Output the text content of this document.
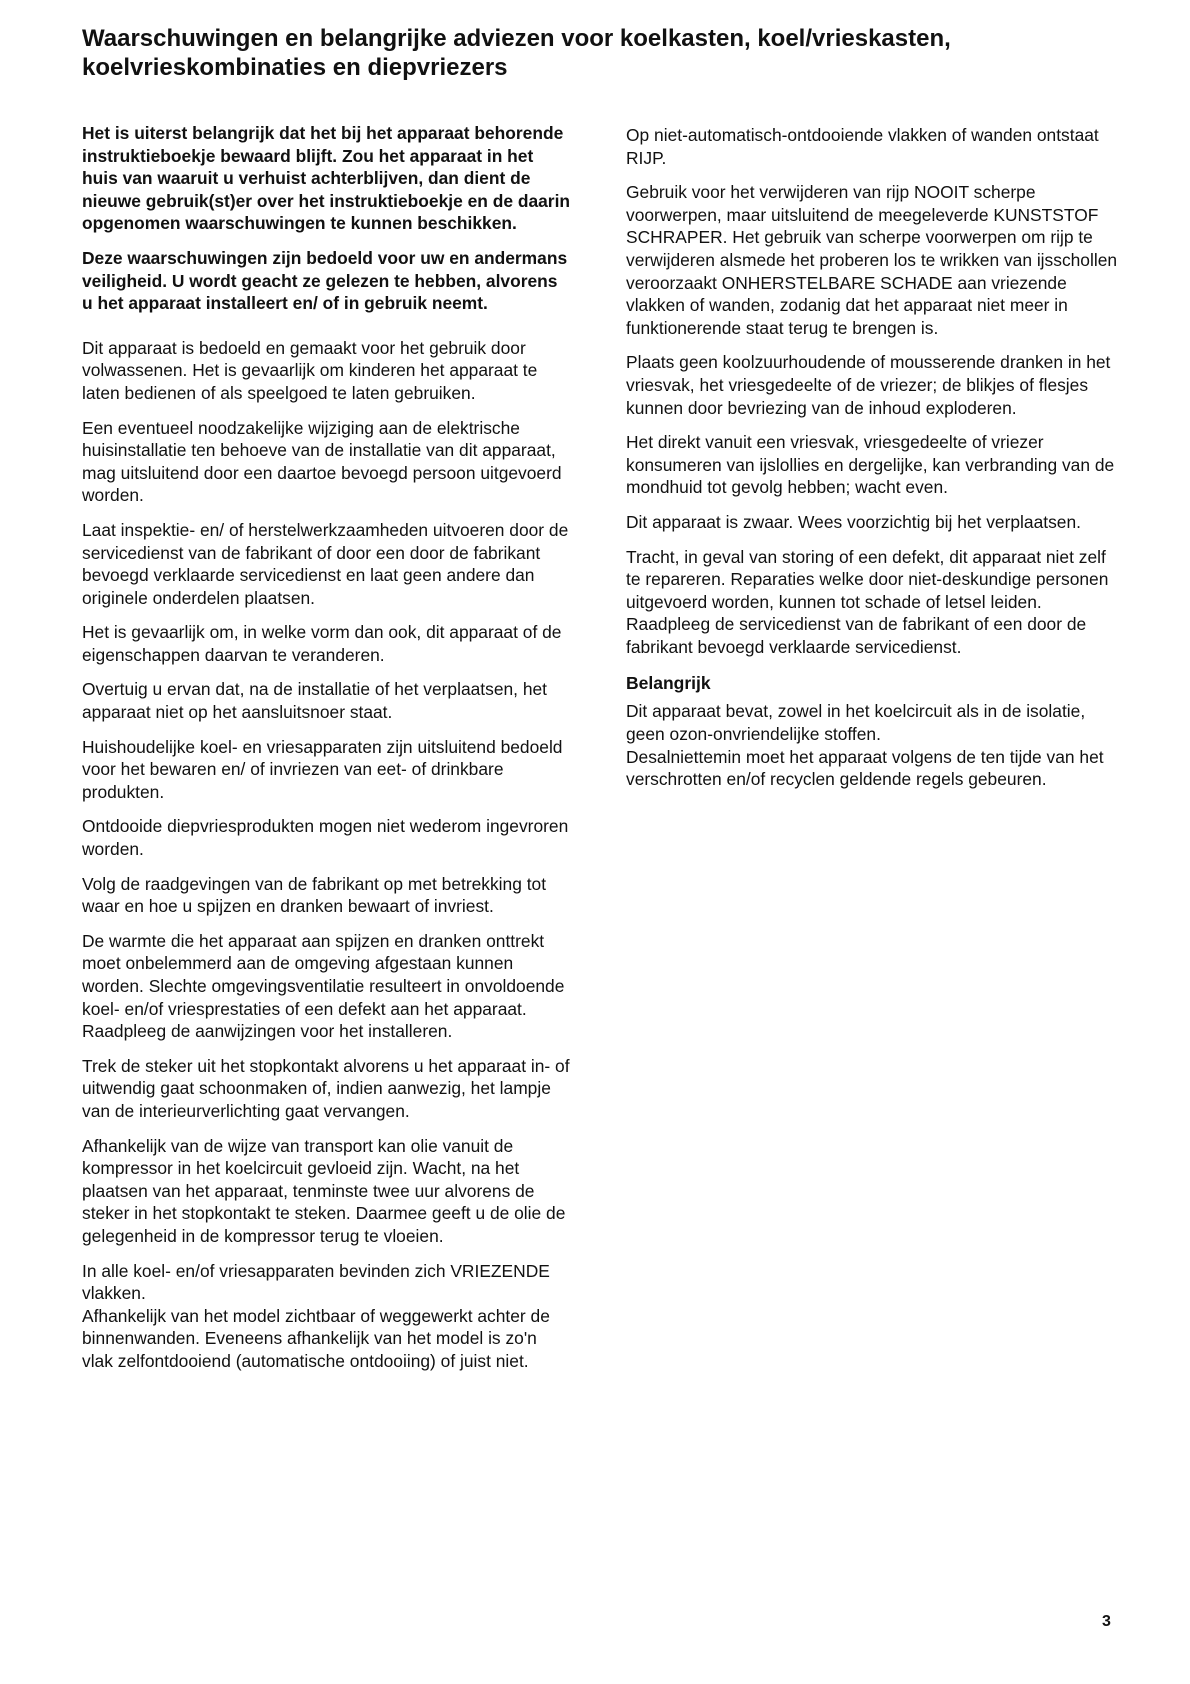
Waarschuwingen en belangrijke adviezen voor koelkasten, koel/vrieskasten, koelvrieskombinaties en diepvriezers

Het is uiterst belangrijk dat het bij het apparaat behorende instruktieboekje bewaard blijft. Zou het apparaat in het huis van waaruit u verhuist achterblijven, dan dient de nieuwe gebruik(st)er over het instruktieboekje en de daarin opgenomen waarschuwingen te kunnen beschikken.

Deze waarschuwingen zijn bedoeld voor uw en andermans veiligheid. U wordt geacht ze gelezen te hebben, alvorens u het apparaat installeert en/ of in gebruik neemt.

Dit apparaat is bedoeld en gemaakt voor het gebruik door volwassenen. Het is gevaarlijk om kinderen het apparaat te laten bedienen of als speelgoed te laten gebruiken.

Een eventueel noodzakelijke wijziging aan de elektrische huisinstallatie ten behoeve van de installatie van dit apparaat, mag uitsluitend door een daartoe bevoegd persoon uitgevoerd worden.

Laat inspektie- en/ of herstelwerkzaamheden uitvoeren door de servicedienst van de fabrikant of door een door de fabrikant bevoegd verklaarde servicedienst en laat geen andere dan originele onderdelen plaatsen.

Het is gevaarlijk om, in welke vorm dan ook, dit apparaat of de eigenschappen daarvan te veranderen.

Overtuig u ervan dat, na de installatie of het verplaatsen, het apparaat niet op het aansluitsnoer staat.

Huishoudelijke koel- en vriesapparaten zijn uitsluitend bedoeld voor het bewaren en/ of invriezen van eet- of drinkbare produkten.

Ontdooide diepvriesprodukten mogen niet wederom ingevroren worden.

Volg de raadgevingen van de fabrikant op met betrekking tot waar en hoe u spijzen en dranken bewaart of invriest.

De warmte die het apparaat aan spijzen en dranken onttrekt moet onbelemmerd aan de omgeving afgestaan kunnen worden. Slechte omgevingsventilatie resulteert in onvoldoende koel- en/of vriesprestaties of een defekt aan het apparaat. Raadpleeg de aanwijzingen voor het installeren.

Trek de steker uit het stopkontakt alvorens u het apparaat in- of uitwendig gaat schoonmaken of, indien aanwezig, het lampje van de interieurverlichting gaat vervangen.

Afhankelijk van de wijze van transport kan olie vanuit de kompressor in het koelcircuit gevloeid zijn. Wacht, na het plaatsen van het apparaat, tenminste twee uur alvorens de steker in het stopkontakt te steken. Daarmee geeft u de olie de gelegenheid in de kompressor terug te vloeien.

In alle koel- en/of vriesapparaten bevinden zich VRIEZENDE vlakken.

Afhankelijk van het model zichtbaar of weggewerkt achter de binnenwanden. Eveneens afhankelijk van het model is zo'n vlak zelfontdooiend (automatische ontdooiing) of juist niet.

Op niet-automatisch-ontdooiende vlakken of wanden ontstaat RIJP.

Gebruik voor het verwijderen van rijp NOOIT scherpe voorwerpen, maar uitsluitend de meegeleverde KUNSTSTOF SCHRAPER. Het gebruik van scherpe voorwerpen om rijp te verwijderen alsmede het proberen los te wrikken van ijsschollen veroorzaakt ONHERSTELBARE SCHADE aan vriezende vlakken of wanden, zodanig dat het apparaat niet meer in funktionerende staat terug te brengen is.

Plaats geen koolzuurhoudende of mousserende dranken in het vriesvak, het vriesgedeelte of de vriezer; de blikjes of flesjes kunnen door bevriezing van de inhoud exploderen.

Het direkt vanuit een vriesvak, vriesgedeelte of vriezer konsumeren van ijslollies en dergelijke, kan verbranding van de mondhuid tot gevolg hebben; wacht even.

Dit apparaat is zwaar. Wees voorzichtig bij het verplaatsen.

Tracht, in geval van storing of een defekt, dit apparaat niet zelf te repareren. Reparaties welke door niet-deskundige personen uitgevoerd worden, kunnen tot schade of letsel leiden. Raadpleeg de servicedienst van de fabrikant of een door de fabrikant bevoegd verklaarde servicedienst.

Belangrijk

Dit apparaat bevat, zowel in het koelcircuit als in de isolatie, geen ozon-onvriendelijke stoffen.

Desalniettemin moet het apparaat volgens de ten tijde van het verschrotten en/of recyclen geldende regels gebeuren.

3
